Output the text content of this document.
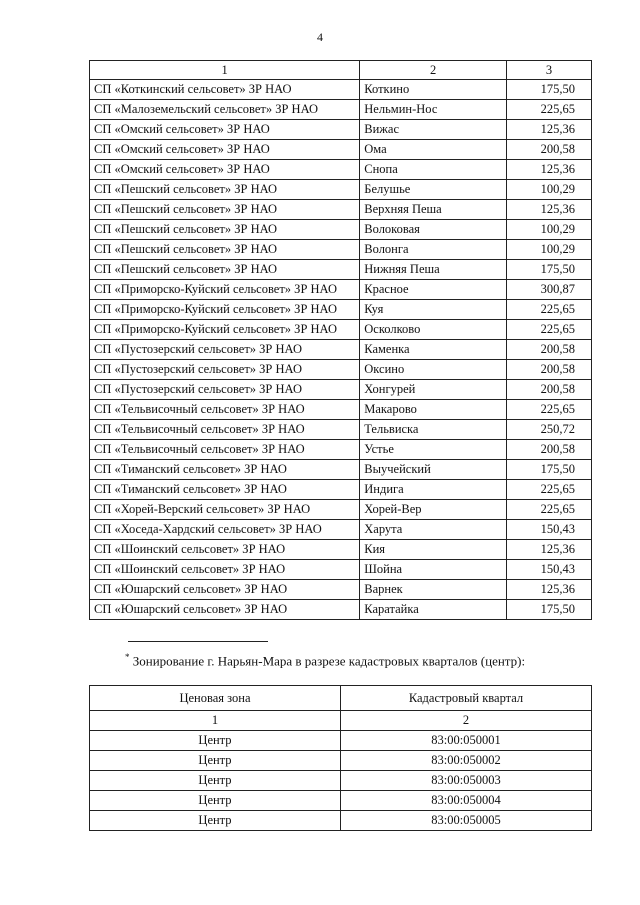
4
1	2	3
СП «Коткинский сельсовет» ЗР НАО	Коткино	175,50
СП «Малоземельский сельсовет» ЗР НАО	Нельмин-Нос	225,65
СП «Омский сельсовет» ЗР НАО	Вижас	125,36
СП «Омский сельсовет» ЗР НАО	Ома	200,58
СП «Омский сельсовет» ЗР НАО	Снопа	125,36
СП «Пешский сельсовет» ЗР НАО	Белушье	100,29
СП «Пешский сельсовет» ЗР НАО	Верхняя Пеша	125,36
СП «Пешский сельсовет» ЗР НАО	Волоковая	100,29
СП «Пешский сельсовет» ЗР НАО	Волонга	100,29
СП «Пешский сельсовет» ЗР НАО	Нижняя Пеша	175,50
СП «Приморско-Куйский сельсовет» ЗР НАО	Красное	300,87
СП «Приморско-Куйский сельсовет» ЗР НАО	Куя	225,65
СП «Приморско-Куйский сельсовет» ЗР НАО	Осколково	225,65
СП «Пустозерский сельсовет» ЗР НАО	Каменка	200,58
СП «Пустозерский сельсовет» ЗР НАО	Оксино	200,58
СП «Пустозерский сельсовет» ЗР НАО	Хонгурей	200,58
СП «Тельвисочный сельсовет» ЗР НАО	Макарово	225,65
СП «Тельвисочный сельсовет» ЗР НАО	Тельвиска	250,72
СП «Тельвисочный сельсовет» ЗР НАО	Устье	200,58
СП «Тиманский сельсовет» ЗР НАО	Выучейский	175,50
СП «Тиманский сельсовет» ЗР НАО	Индига	225,65
СП «Хорей-Верский сельсовет» ЗР НАО	Хорей-Вер	225,65
СП «Хоседа-Хардский сельсовет» ЗР НАО	Харута	150,43
СП «Шоинский сельсовет» ЗР НАО	Кия	125,36
СП «Шоинский сельсовет» ЗР НАО	Шойна	150,43
СП «Юшарский сельсовет» ЗР НАО	Варнек	125,36
СП «Юшарский сельсовет» ЗР НАО	Каратайка	175,50
* Зонирование г. Нарьян-Мара в разрезе кадастровых кварталов (центр):
Ценовая зона	Кадастровый квартал
1	2
Центр	83:00:050001
Центр	83:00:050002
Центр	83:00:050003
Центр	83:00:050004
Центр	83:00:050005
